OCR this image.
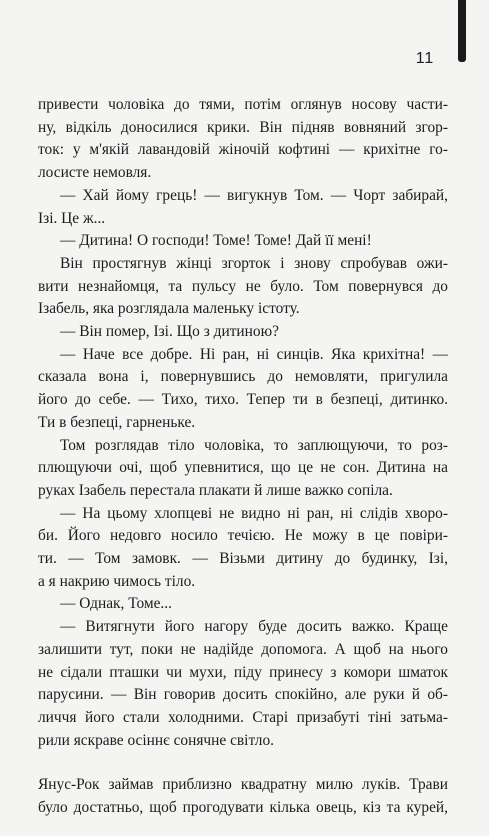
11
привести чоловіка до тями, потім оглянув носову части-
ну, відкіль доносилися крики. Він підняв вовняний згор-
ток: у м'якій лавандовій жіночій кофтині — крихітне го-
лосисте немовля.
— Хай йому грець! — вигукнув Том. — Чорт забирай,
Ізі. Це ж...
— Дитина! О господи! Томе! Томе! Дай її мені!
Він простягнув жінці згорток і знову спробував ожи-
вити незнайомця, та пульсу не було. Том повернувся до
Ізабель, яка розглядала маленьку істоту.
— Він помер, Ізі. Що з дитиною?
— Наче все добре. Ні ран, ні синців. Яка крихітна! —
сказала вона і, повернувшись до немовляти, пригулила
його до себе. — Тихо, тихо. Тепер ти в безпеці, дитинко.
Ти в безпеці, гарненьке.
Том розглядав тіло чоловіка, то заплющуючи, то роз-
плющуючи очі, щоб упевнитися, що це не сон. Дитина на
руках Ізабель перестала плакати й лише важко сопіла.
— На цьому хлопцеві не видно ні ран, ні слідів хворо-
би. Його недовго носило течією. Не можу в це повіри-
ти. — Том замовк. — Візьми дитину до будинку, Ізі,
а я накрию чимось тіло.
— Однак, Томе...
— Витягнути його нагору буде досить важко. Краще
залишити тут, поки не надійде допомога. А щоб на нього
не сідали пташки чи мухи, піду принесу з комори шматок
парусини. — Він говорив досить спокійно, але руки й об-
личчя його стали холодними. Старі призабуті тіні затьма-
рили яскраве осіннє сонячне світло.
Янус-Рок займав приблизно квадратну милю луків. Трави
було достатньо, щоб прогодувати кілька овець, кіз та курей,
